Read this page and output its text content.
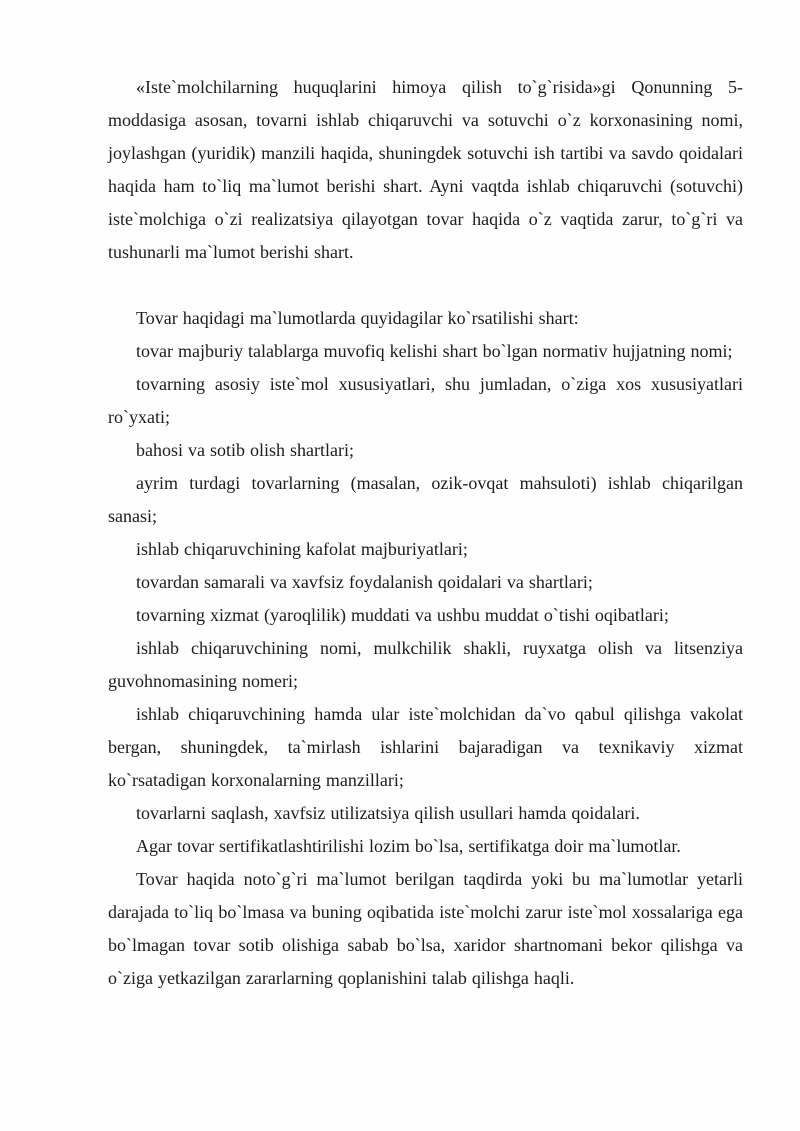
«Iste`molchilarning huquqlarini himoya qilish to`g`risida»gi Qonunning 5-moddasiga asosan, tovarni ishlab chiqaruvchi va sotuvchi o`z korxonasining nomi, joylashgan (yuridik) manzili haqida, shuningdek sotuvchi ish tartibi va savdo qoidalari haqida ham to`liq ma`lumot berishi shart. Ayni vaqtda ishlab chiqaruvchi (sotuvchi) iste`molchiga o`zi realizatsiya qilayotgan tovar haqida o`z vaqtida zarur, to`g`ri va tushunarli ma`lumot berishi shart.

Tovar haqidagi ma`lumotlarda quyidagilar ko`rsatilishi shart:

tovar majburiy talablarga muvofiq kelishi shart bo`lgan normativ hujjatning nomi;

tovarning asosiy iste`mol xususiyatlari, shu jumladan, o`ziga xos xususiyatlari ro`yxati;

bahosi va sotib olish shartlari;

ayrim turdagi tovarlarning (masalan, ozik-ovqat mahsuloti) ishlab chiqarilgan sanasi;

ishlab chiqaruvchining kafolat majburiyatlari;

tovardan samarali va xavfsiz foydalanish qoidalari va shartlari;

tovarning xizmat (yaroqlilik) muddati va ushbu muddat o`tishi oqibatlari;

ishlab chiqaruvchining nomi, mulkchilik shakli, ruyxatga olish va litsenziya guvohnomasining nomeri;

ishlab chiqaruvchining hamda ular iste`molchidan da`vo qabul qilishga vakolat bergan, shuningdek, ta`mirlash ishlarini bajaradigan va texnikaviy xizmat ko`rsatadigan korxonalarning manzillari;

tovarlarni saqlash, xavfsiz utilizatsiya qilish usullari hamda qoidalari.

Agar tovar sertifikatlashtirilishi lozim bo`lsa, sertifikatga doir ma`lumotlar.

Tovar haqida noto`g`ri ma`lumot berilgan taqdirda yoki bu ma`lumotlar yetarli darajada to`liq bo`lmasa va buning oqibatida iste`molchi zarur iste`mol xossalariga ega bo`lmagan tovar sotib olishiga sabab bo`lsa, xaridor shartnomani bekor qilishga va o`ziga yetkazilgan zararlarning qoplanishini talab qilishga haqli.
